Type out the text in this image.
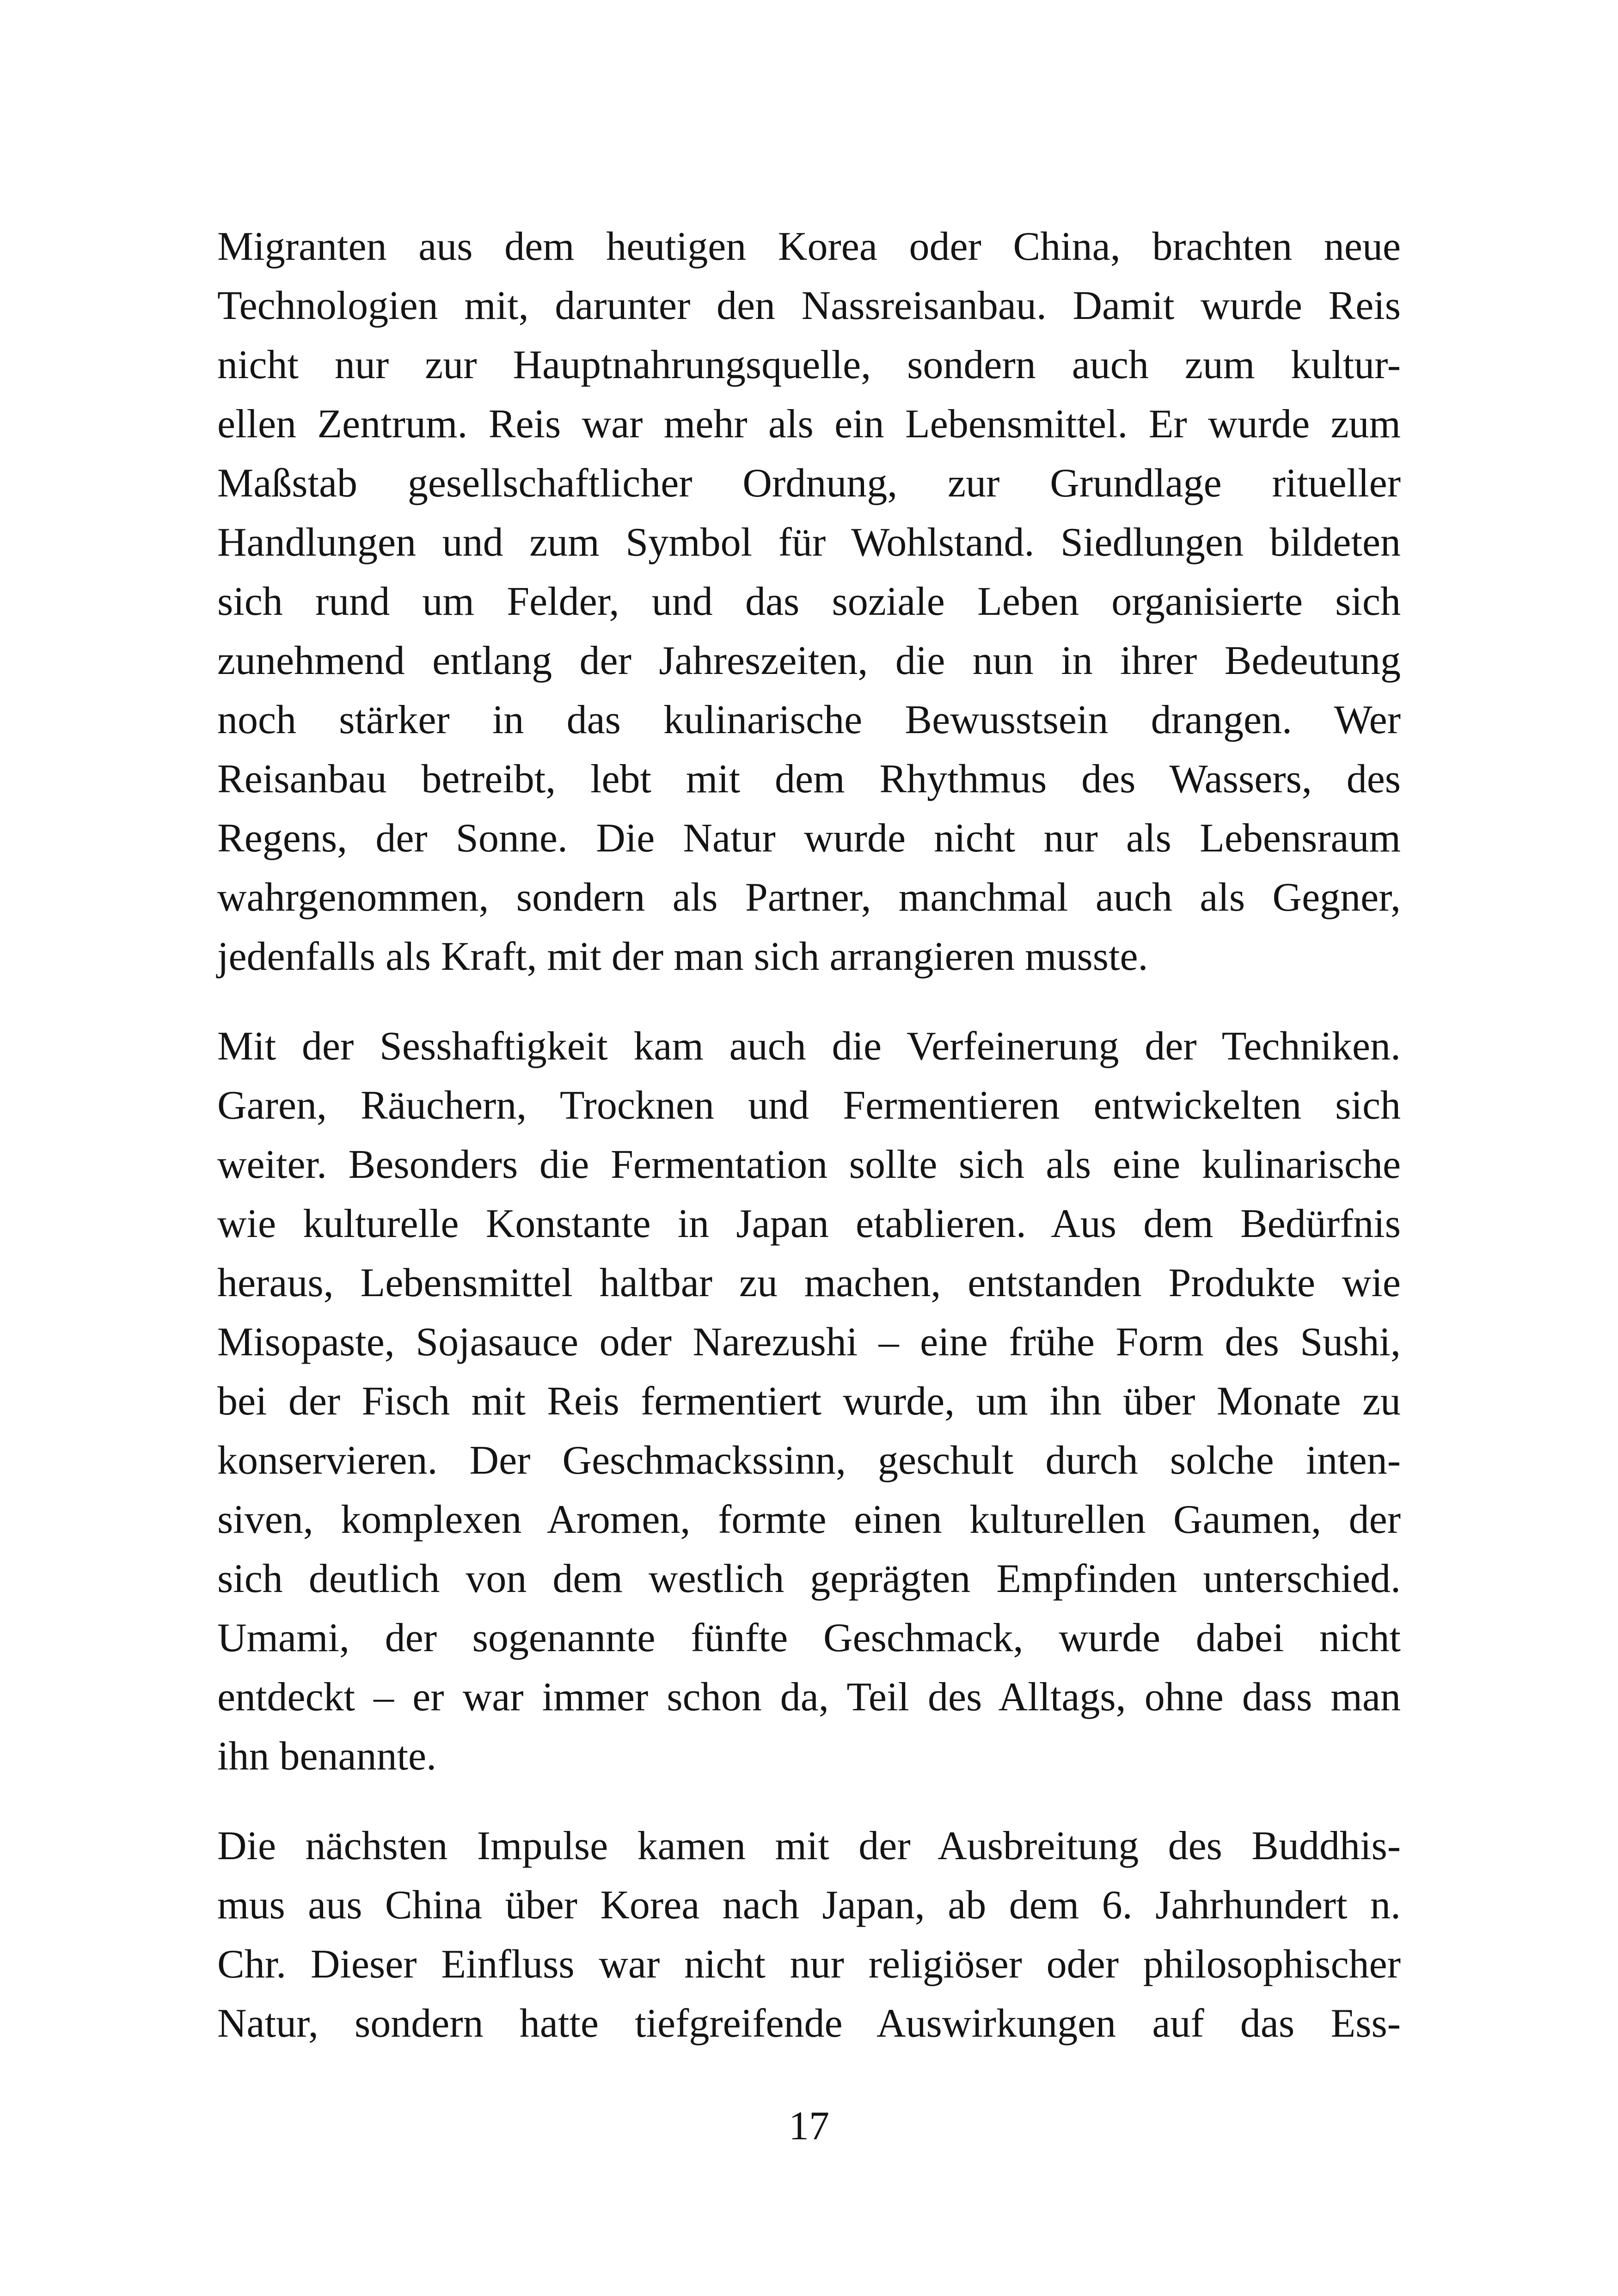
Migranten aus dem heutigen Korea oder China, brachten neue
Technologien mit, darunter den Nassreisanbau. Damit wurde Reis
nicht nur zur Hauptnahrungsquelle, sondern auch zum kultur-
ellen Zentrum. Reis war mehr als ein Lebensmittel. Er wurde zum
Maßstab gesellschaftlicher Ordnung, zur Grundlage ritueller
Handlungen und zum Symbol für Wohlstand. Siedlungen bildeten
sich rund um Felder, und das soziale Leben organisierte sich
zunehmend entlang der Jahreszeiten, die nun in ihrer Bedeutung
noch stärker in das kulinarische Bewusstsein drangen. Wer
Reisanbau betreibt, lebt mit dem Rhythmus des Wassers, des
Regens, der Sonne. Die Natur wurde nicht nur als Lebensraum
wahrgenommen, sondern als Partner, manchmal auch als Gegner,
jedenfalls als Kraft, mit der man sich arrangieren musste.
Mit der Sesshaftigkeit kam auch die Verfeinerung der Techniken.
Garen, Räuchern, Trocknen und Fermentieren entwickelten sich
weiter. Besonders die Fermentation sollte sich als eine kulinarische
wie kulturelle Konstante in Japan etablieren. Aus dem Bedürfnis
heraus, Lebensmittel haltbar zu machen, entstanden Produkte wie
Misopaste, Sojasauce oder Narezushi – eine frühe Form des Sushi,
bei der Fisch mit Reis fermentiert wurde, um ihn über Monate zu
konservieren. Der Geschmackssinn, geschult durch solche inten-
siven, komplexen Aromen, formte einen kulturellen Gaumen, der
sich deutlich von dem westlich geprägten Empfinden unterschied.
Umami, der sogenannte fünfte Geschmack, wurde dabei nicht
entdeckt – er war immer schon da, Teil des Alltags, ohne dass man
ihn benannte.
Die nächsten Impulse kamen mit der Ausbreitung des Buddhis-
mus aus China über Korea nach Japan, ab dem 6. Jahrhundert n.
Chr. Dieser Einfluss war nicht nur religiöser oder philosophischer
Natur, sondern hatte tiefgreifende Auswirkungen auf das Ess-
17
